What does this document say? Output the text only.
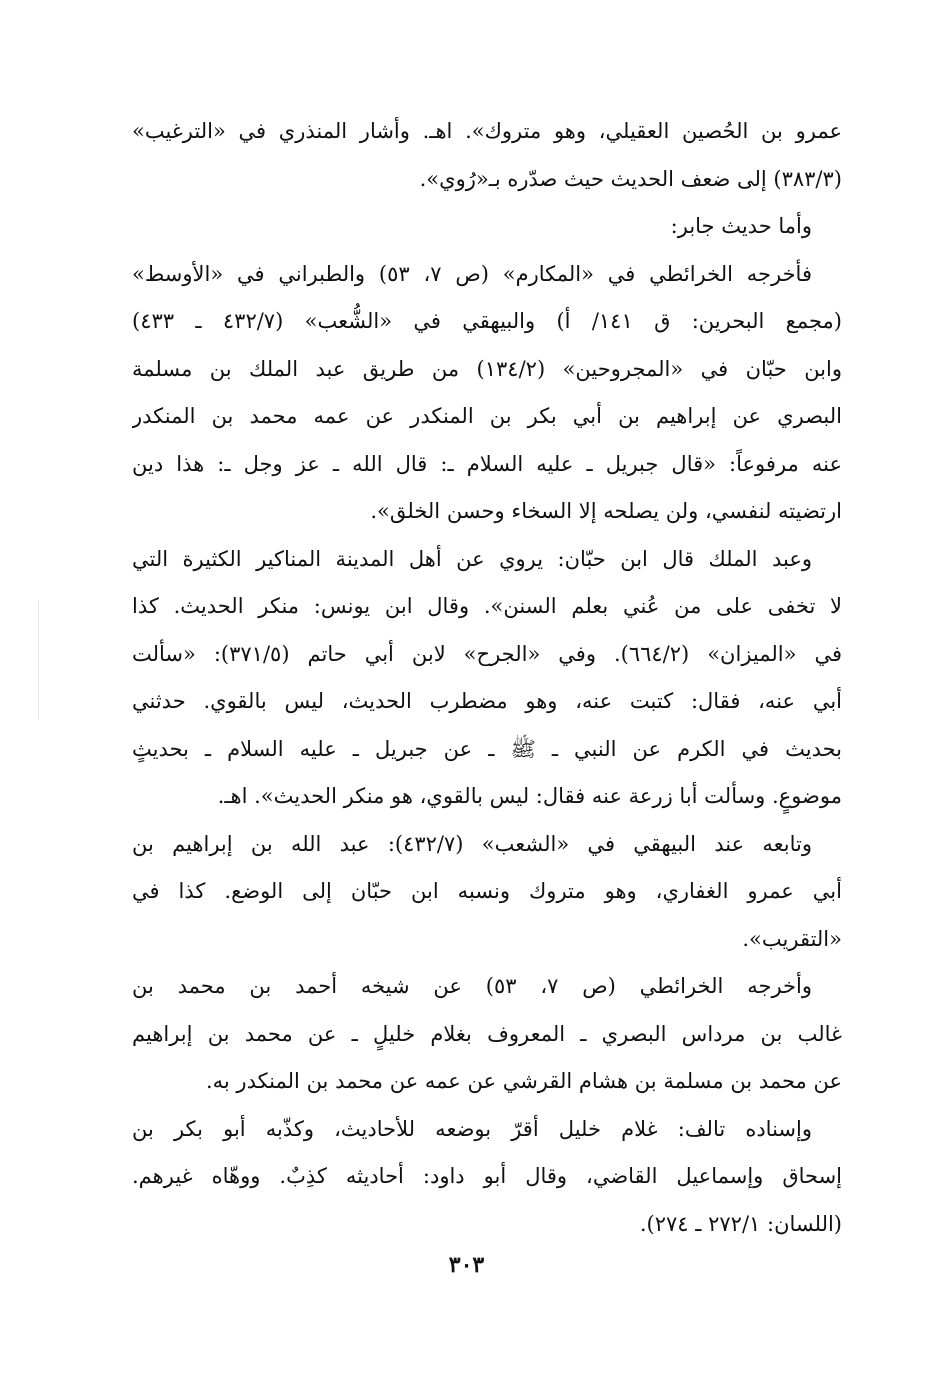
عمرو بن الحُصين العقيلي، وهو متروك». اهـ. وأشار المنذري في «الترغيب»
(٣٨٣/٣) إلى ضعف الحديث حيث صدّره بـ«رُوي».
وأما حديث جابر:
فأخرجه الخرائطي في «المكارم» (ص ٧، ٥٣) والطبراني في «الأوسط»
(مجمع البحرين: ق ١٤١/ أ) والبيهقي في «الشُّعب» (٤٣٢/٧ ـ ٤٣٣)
وابن حبّان في «المجروحين» (١٣٤/٢) من طريق عبد الملك بن مسلمة
البصري عن إبراهيم بن أبي بكر بن المنكدر عن عمه محمد بن المنكدر
عنه مرفوعاً: «قال جبريل ـ عليه السلام ـ: قال الله ـ عز وجل ـ: هذا دين
ارتضيته لنفسي، ولن يصلحه إلا السخاء وحسن الخلق».
وعبد الملك قال ابن حبّان: يروي عن أهل المدينة المناكير الكثيرة التي
لا تخفى على من عُني بعلم السنن». وقال ابن يونس: منكر الحديث. كذا
في «الميزان» (٦٦٤/٢). وفي «الجرح» لابن أبي حاتم (٣٧١/٥): «سألت
أبي عنه، فقال: كتبت عنه، وهو مضطرب الحديث، ليس بالقوي. حدثني
بحديث في الكرم عن النبي ـ ﷺ ـ عن جبريل ـ عليه السلام ـ بحديثٍ
موضوعٍ. وسألت أبا زرعة عنه فقال: ليس بالقوي، هو منكر الحديث». اهـ.
وتابعه عند البيهقي في «الشعب» (٤٣٢/٧): عبد الله بن إبراهيم بن
أبي عمرو الغفاري، وهو متروك ونسبه ابن حبّان إلى الوضع. كذا في
«التقريب».
وأخرجه الخرائطي (ص ٧، ٥٣) عن شيخه أحمد بن محمد بن
غالب بن مرداس البصري ـ المعروف بغلام خليلٍ ـ عن محمد بن إبراهيم
عن محمد بن مسلمة بن هشام القرشي عن عمه عن محمد بن المنكدر به.
وإسناده تالف: غلام خليل أقرّ بوضعه للأحاديث، وكذّبه أبو بكر بن
إسحاق وإسماعيل القاضي، وقال أبو داود: أحاديثه كذِبٌ. ووهّاه غيرهم.
(اللسان: ٢٧٢/١ ـ ٢٧٤).
٣٠٣
